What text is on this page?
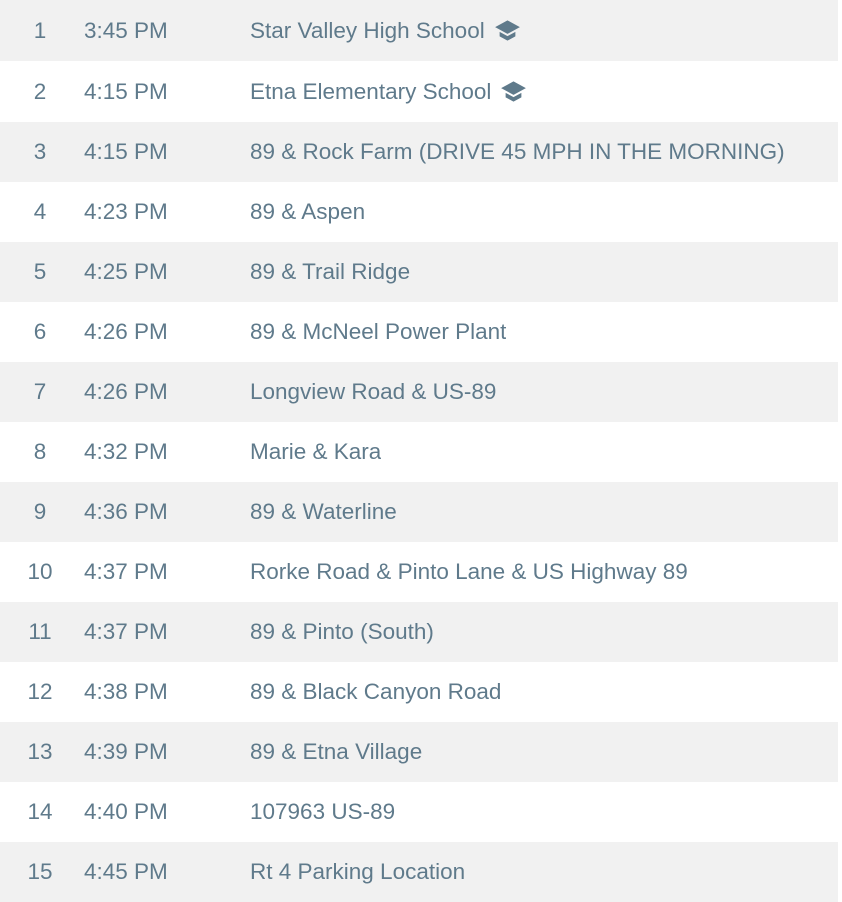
1	3:45 PM	Star Valley High School
2	4:15 PM	Etna Elementary School
3	4:15 PM	89 & Rock Farm (DRIVE 45 MPH IN THE MORNING)
4	4:23 PM	89 & Aspen
5	4:25 PM	89 & Trail Ridge
6	4:26 PM	89 & McNeel Power Plant
7	4:26 PM	Longview Road & US-89
8	4:32 PM	Marie & Kara
9	4:36 PM	89 & Waterline
10	4:37 PM	Rorke Road & Pinto Lane & US Highway 89
11	4:37 PM	89 & Pinto (South)
12	4:38 PM	89 & Black Canyon Road
13	4:39 PM	89 & Etna Village
14	4:40 PM	107963 US-89
15	4:45 PM	Rt 4 Parking Location
